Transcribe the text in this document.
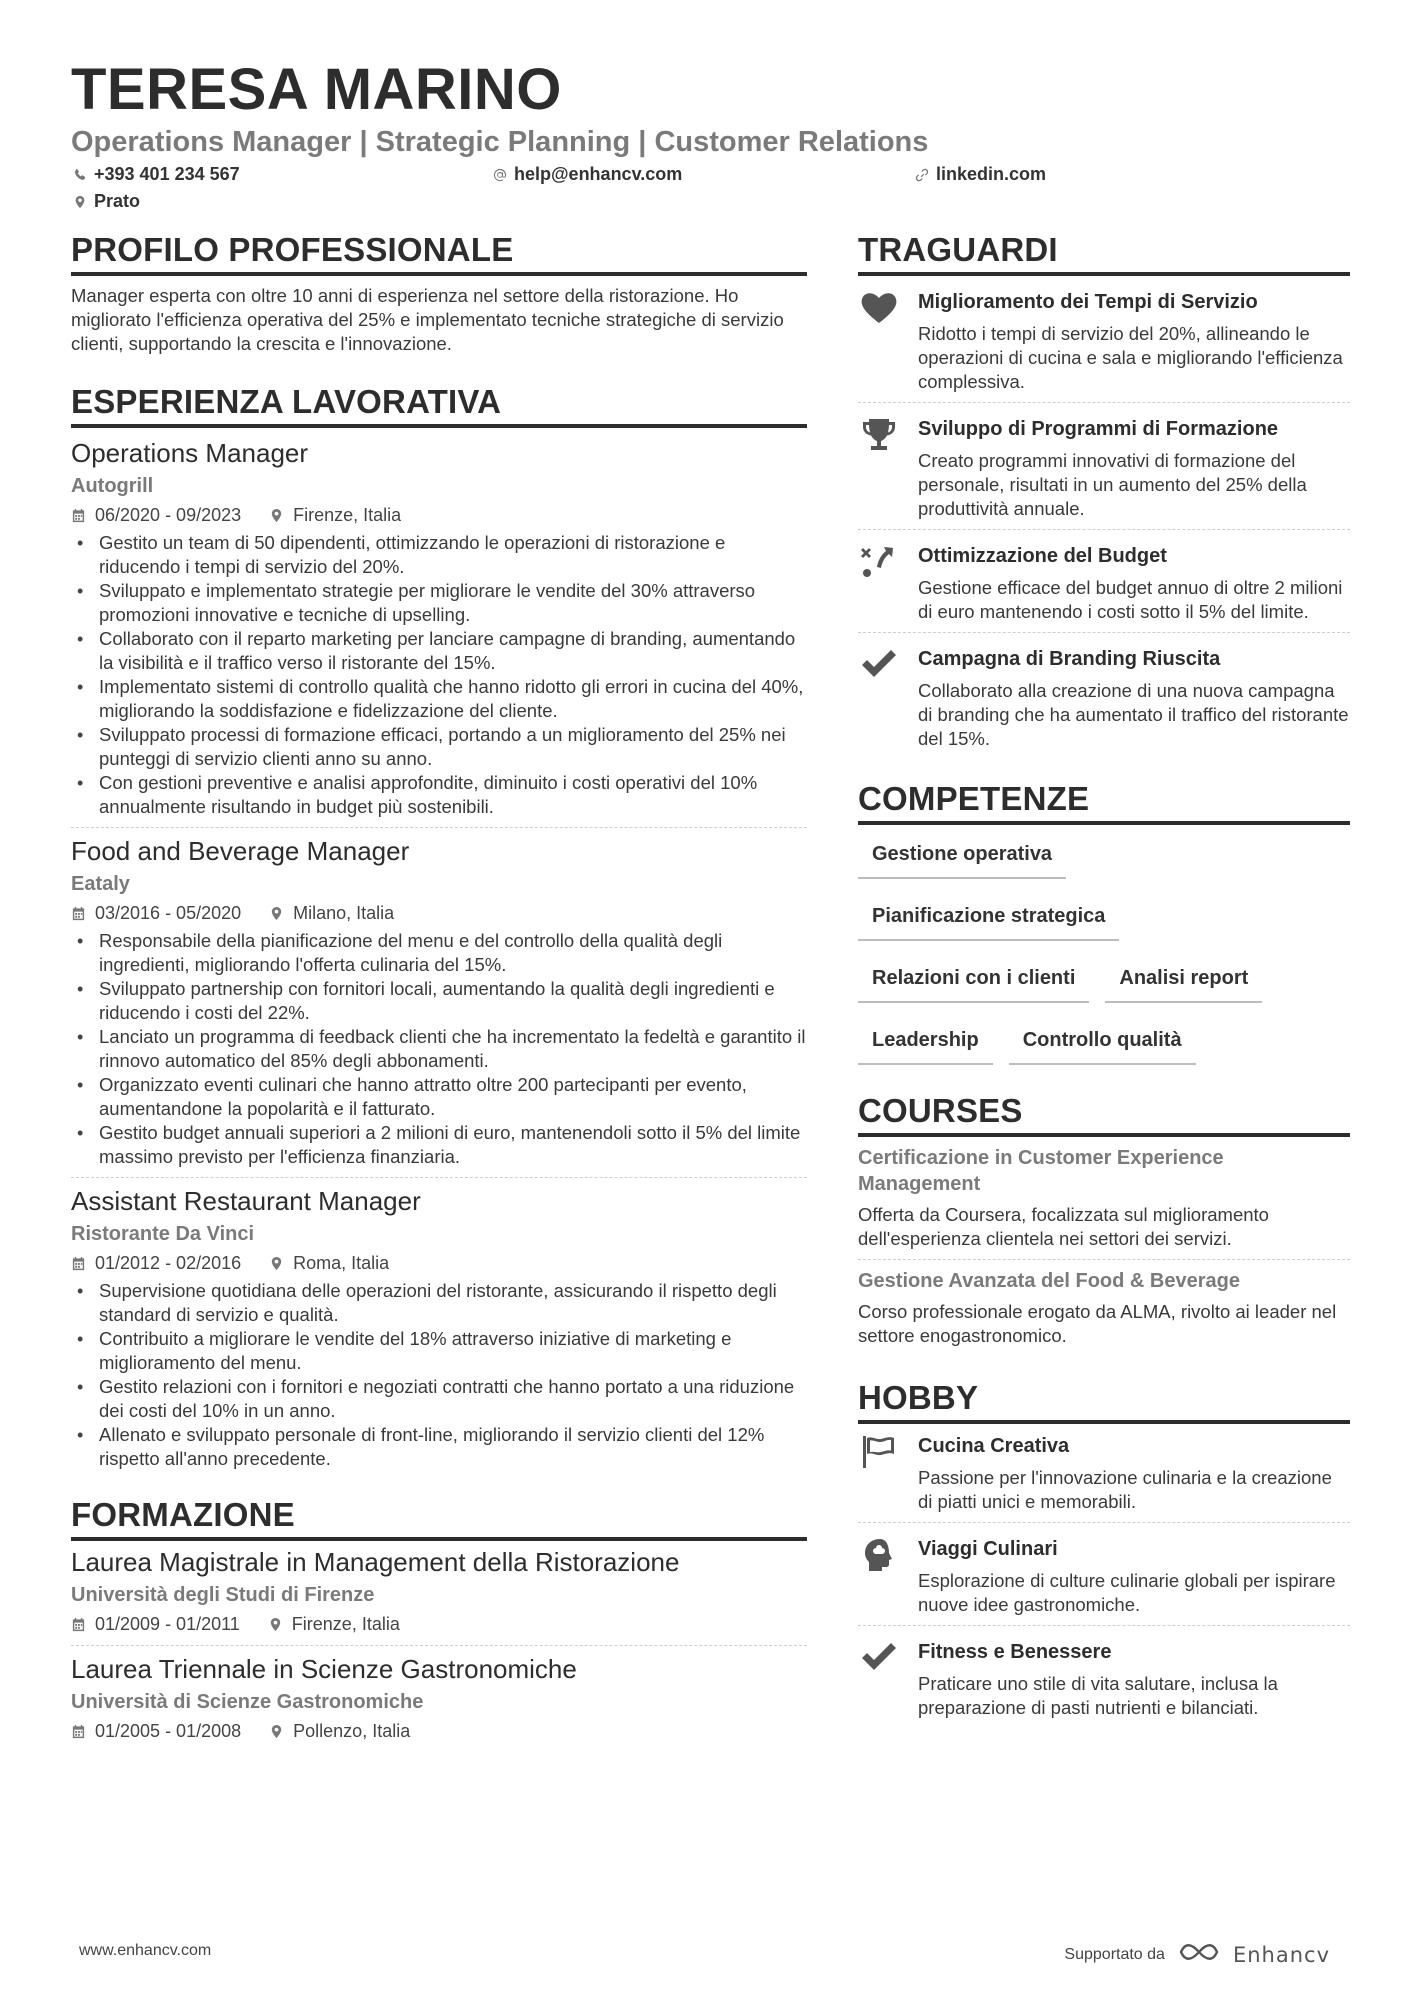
TERESA MARINO
Operations Manager | Strategic Planning | Customer Relations
+393 401 234 567	help@enhancv.com	linkedin.com
Prato
PROFILO PROFESSIONALE
Manager esperta con oltre 10 anni di esperienza nel settore della ristorazione. Ho migliorato l'efficienza operativa del 25% e implementato tecniche strategiche di servizio clienti, supportando la crescita e l'innovazione.
ESPERIENZA LAVORATIVA
Operations Manager
Autogrill
06/2020 - 09/2023	Firenze, Italia
• Gestito un team di 50 dipendenti, ottimizzando le operazioni di ristorazione e riducendo i tempi di servizio del 20%.
• Sviluppato e implementato strategie per migliorare le vendite del 30% attraverso promozioni innovative e tecniche di upselling.
• Collaborato con il reparto marketing per lanciare campagne di branding, aumentando la visibilità e il traffico verso il ristorante del 15%.
• Implementato sistemi di controllo qualità che hanno ridotto gli errori in cucina del 40%, migliorando la soddisfazione e fidelizzazione del cliente.
• Sviluppato processi di formazione efficaci, portando a un miglioramento del 25% nei punteggi di servizio clienti anno su anno.
• Con gestioni preventive e analisi approfondite, diminuito i costi operativi del 10% annualmente risultando in budget più sostenibili.
Food and Beverage Manager
Eataly
03/2016 - 05/2020	Milano, Italia
• Responsabile della pianificazione del menu e del controllo della qualità degli ingredienti, migliorando l'offerta culinaria del 15%.
• Sviluppato partnership con fornitori locali, aumentando la qualità degli ingredienti e riducendo i costi del 22%.
• Lanciato un programma di feedback clienti che ha incrementato la fedeltà e garantito il rinnovo automatico del 85% degli abbonamenti.
• Organizzato eventi culinari che hanno attratto oltre 200 partecipanti per evento, aumentandone la popolarità e il fatturato.
• Gestito budget annuali superiori a 2 milioni di euro, mantenendoli sotto il 5% del limite massimo previsto per l'efficienza finanziaria.
Assistant Restaurant Manager
Ristorante Da Vinci
01/2012 - 02/2016	Roma, Italia
• Supervisione quotidiana delle operazioni del ristorante, assicurando il rispetto degli standard di servizio e qualità.
• Contribuito a migliorare le vendite del 18% attraverso iniziative di marketing e miglioramento del menu.
• Gestito relazioni con i fornitori e negoziati contratti che hanno portato a una riduzione dei costi del 10% in un anno.
• Allenato e sviluppato personale di front-line, migliorando il servizio clienti del 12% rispetto all'anno precedente.
FORMAZIONE
Laurea Magistrale in Management della Ristorazione
Università degli Studi di Firenze
01/2009 - 01/2011	Firenze, Italia
Laurea Triennale in Scienze Gastronomiche
Università di Scienze Gastronomiche
01/2005 - 01/2008	Pollenzo, Italia
TRAGUARDI
Miglioramento dei Tempi di Servizio
Ridotto i tempi di servizio del 20%, allineando le operazioni di cucina e sala e migliorando l'efficienza complessiva.
Sviluppo di Programmi di Formazione
Creato programmi innovativi di formazione del personale, risultati in un aumento del 25% della produttività annuale.
Ottimizzazione del Budget
Gestione efficace del budget annuo di oltre 2 milioni di euro mantenendo i costi sotto il 5% del limite.
Campagna di Branding Riuscita
Collaborato alla creazione di una nuova campagna di branding che ha aumentato il traffico del ristorante del 15%.
COMPETENZE
Gestione operativa
Pianificazione strategica
Relazioni con i clienti	Analisi report
Leadership	Controllo qualità
COURSES
Certificazione in Customer Experience Management
Offerta da Coursera, focalizzata sul miglioramento dell'esperienza clientela nei settori dei servizi.
Gestione Avanzata del Food & Beverage
Corso professionale erogato da ALMA, rivolto ai leader nel settore enogastronomico.
HOBBY
Cucina Creativa
Passione per l'innovazione culinaria e la creazione di piatti unici e memorabili.
Viaggi Culinari
Esplorazione di culture culinarie globali per ispirare nuove idee gastronomiche.
Fitness e Benessere
Praticare uno stile di vita salutare, inclusa la preparazione di pasti nutrienti e bilanciati.
www.enhancv.com	Supportato da	Enhancv
